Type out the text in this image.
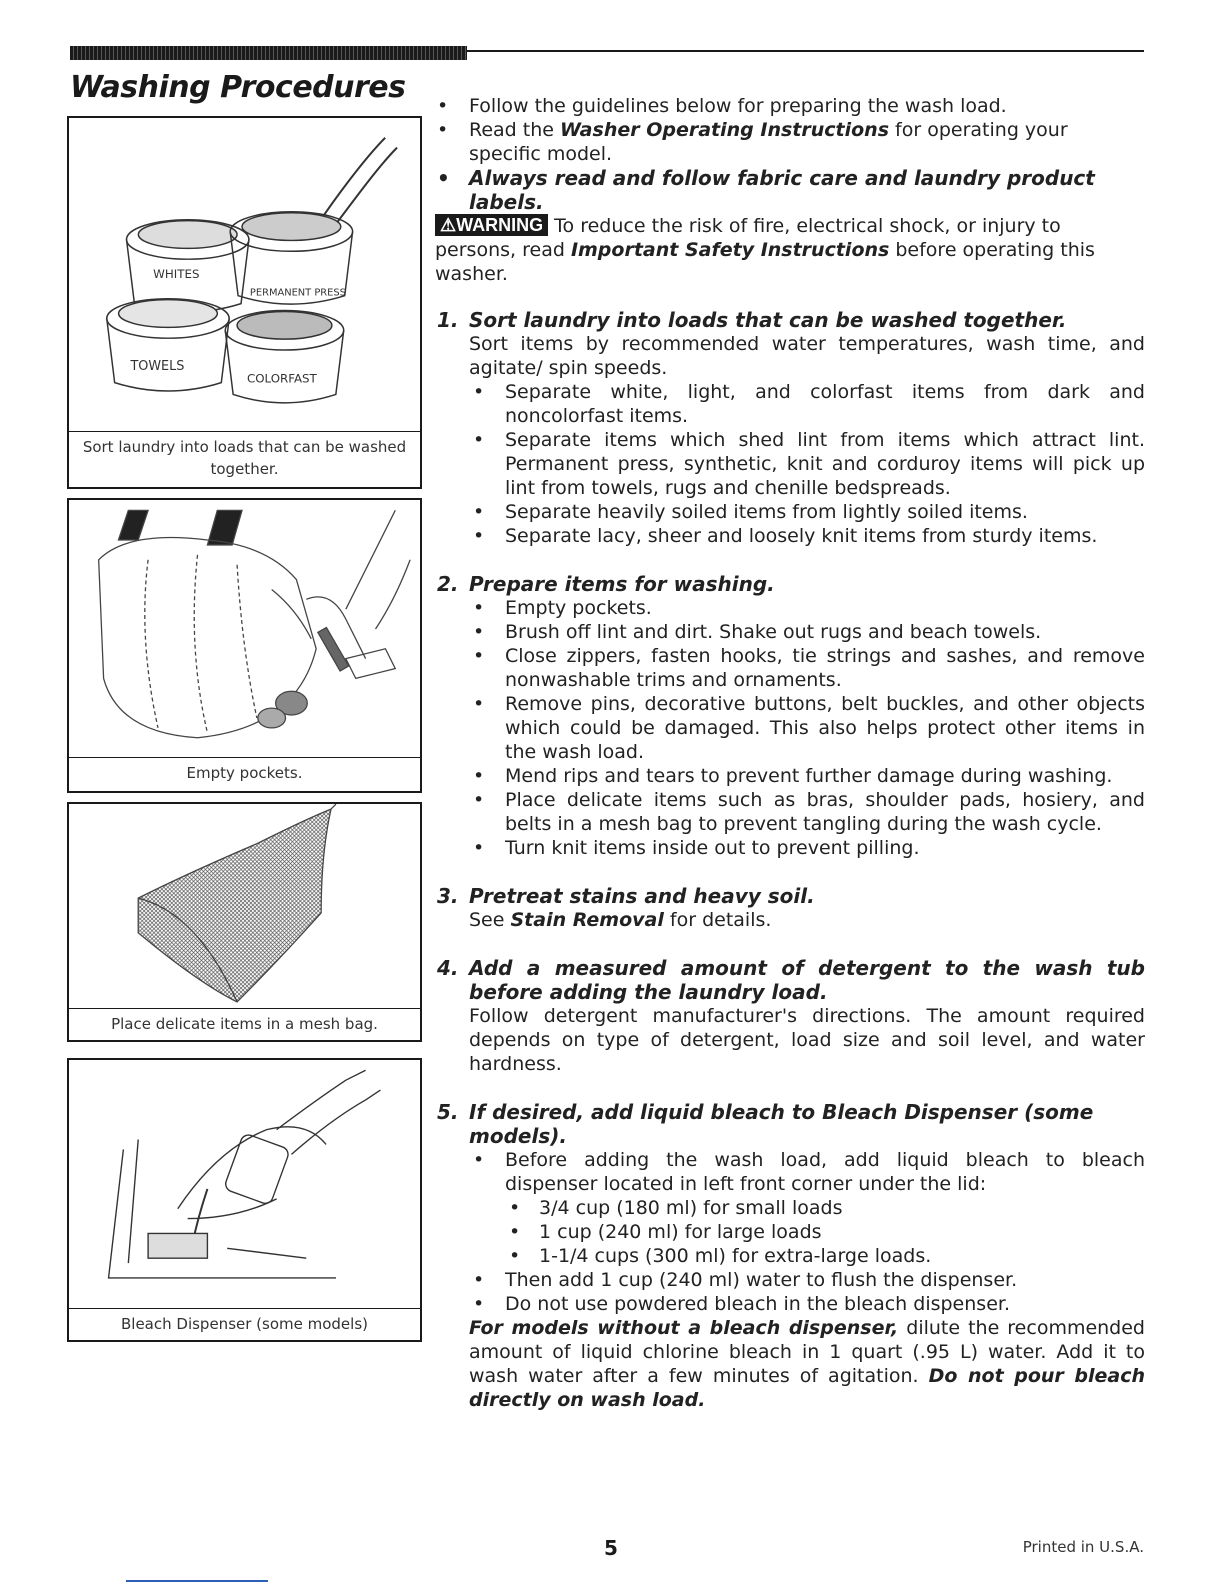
Washing Procedures
WHITES
PERMANENT PRESS
TOWELS
COLORFAST
Sort laundry into loads that can be washed together.
Empty pockets.
Place delicate items in a mesh bag.
Bleach Dispenser (some models)
• Follow the guidelines below for preparing the wash load.
• Read the Washer Operating Instructions for operating your specific model.
• Always read and follow fabric care and laundry product labels.

⚠WARNING To reduce the risk of fire, electrical shock, or injury to persons, read Important Safety Instructions before operating this washer.

1. Sort laundry into loads that can be washed together.

Sort items by recommended water temperatures, wash time, and agitate/ spin speeds.

• Separate white, light, and colorfast items from dark and noncolorfast items.
• Separate items which shed lint from items which attract lint. Permanent press, synthetic, knit and corduroy items will pick up lint from towels, rugs and chenille bedspreads.
• Separate heavily soiled items from lightly soiled items.
• Separate lacy, sheer and loosely knit items from sturdy items.
2. Prepare items for washing.
• Empty pockets.
• Brush off lint and dirt. Shake out rugs and beach towels.
• Close zippers, fasten hooks, tie strings and sashes, and remove nonwashable trims and ornaments.
• Remove pins, decorative buttons, belt buckles, and other objects which could be damaged. This also helps protect other items in the wash load.
• Mend rips and tears to prevent further damage during washing.
• Place delicate items such as bras, shoulder pads, hosiery, and belts in a mesh bag to prevent tangling during the wash cycle.
• Turn knit items inside out to prevent pilling.
3. Pretreat stains and heavy soil.

See Stain Removal for details.

4. Add a measured amount of detergent to the wash tub before adding the laundry load.

Follow detergent manufacturer's directions. The amount required depends on type of detergent, load size and soil level, and water hardness.

5. If desired, add liquid bleach to Bleach Dispenser (some models).
• Before adding the wash load, add liquid bleach to bleach dispenser located in left front corner under the lid:
• 3/4 cup (180 ml) for small loads
• 1 cup (240 ml) for large loads
• 1-1/4 cups (300 ml) for extra-large loads.
• Then add 1 cup (240 ml) water to flush the dispenser.
• Do not use powdered bleach in the bleach dispenser.

For models without a bleach dispenser, dilute the recommended amount of liquid chlorine bleach in 1 quart (.95 L) water. Add it to wash water after a few minutes of agitation. Do not pour bleach directly on wash load.

5	Printed in U.S.A.
